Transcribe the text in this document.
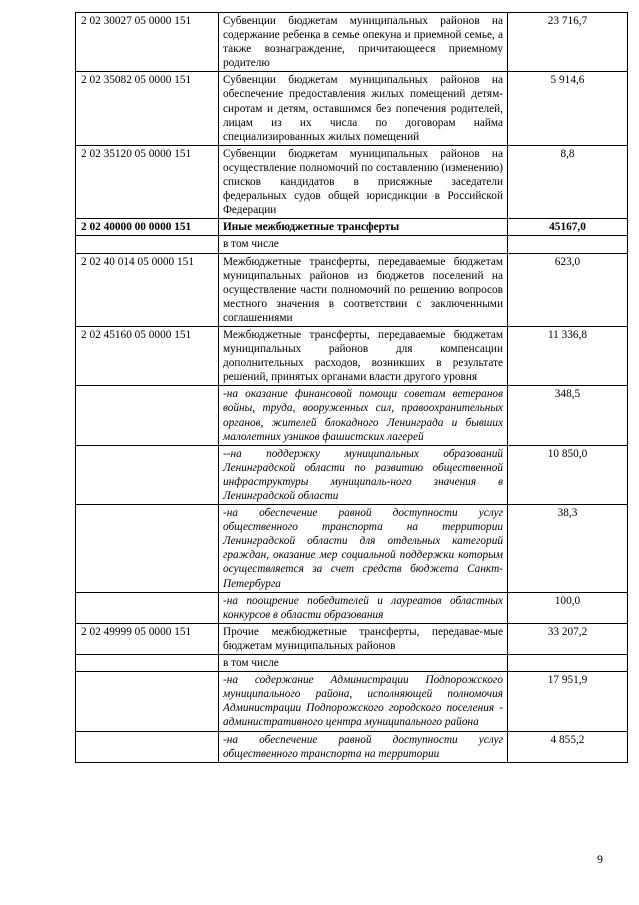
2 02 30027 05 0000 151	Субвенции бюджетам муниципальных районов на содержание ребенка в семье опекуна и приемной семье, а также вознаграждение, причитающееся приемному родителю	23 716,7
2 02 35082 05 0000 151	Субвенции бюджетам муниципальных районов на обеспечение предоставления жилых помещений детям-сиротам и детям, оставшимся без попечения родителей, лицам из их числа по договорам найма специализированных жилых помещений	5 914,6
2 02 35120 05 0000 151	Субвенции бюджетам муниципальных районов на осуществление полномочий по составлению (изменению) списков кандидатов в присяжные заседатели федеральных судов общей юрисдикции в Российской Федерации	8,8
2 02 40000 00 0000 151	Иные межбюджетные трансферты	45167,0
	в том числе	
2 02 40 014 05 0000 151	Межбюджетные трансферты, передаваемые бюджетам муниципальных районов из бюджетов поселений на осуществление части полномочий по решению вопросов местного значения в соответствии с заключенными соглашениями	623,0
2 02 45160 05 0000 151	Межбюджетные трансферты, передаваемые бюджетам муниципальных районов для компенсации дополнительных расходов, возникших в результате решений, принятых органами власти другого уровня	11 336,8
	-на оказание финансовой помощи советам ветеранов войны, труда, вооруженных сил, правоохранительных органов, жителей блокадного Ленинграда и бывших малолетних узников фашистских лагерей	348,5
	--на поддержку муниципальных образований Ленинградской области по развитию общественной инфраструктуры муниципаль-ного значения в Ленинградской области	10 850,0
	-на обеспечение равной доступности услуг общественного транспорта на территории Ленинградской области для отдельных категорий граждан, оказание мер социальной поддержки которым осуществляется за счет средств бюджета Санкт-Петербурга	38,3
	-на поощрение победителей и лауреатов областных конкурсов в области образования	100,0
2 02 49999 05 0000 151	Прочие межбюджетные трансферты, передавае-мые бюджетам муниципальных районов	33 207,2
	в том числе	
	-на содержание Администрации Подпорожского муниципального района, исполняющей полномочия Администрации Подпорожского городского поселения - административного центра муниципального района	17 951,9
	-на обеспечение равной доступности услуг общественного транспорта на территории	4 855,2
9
